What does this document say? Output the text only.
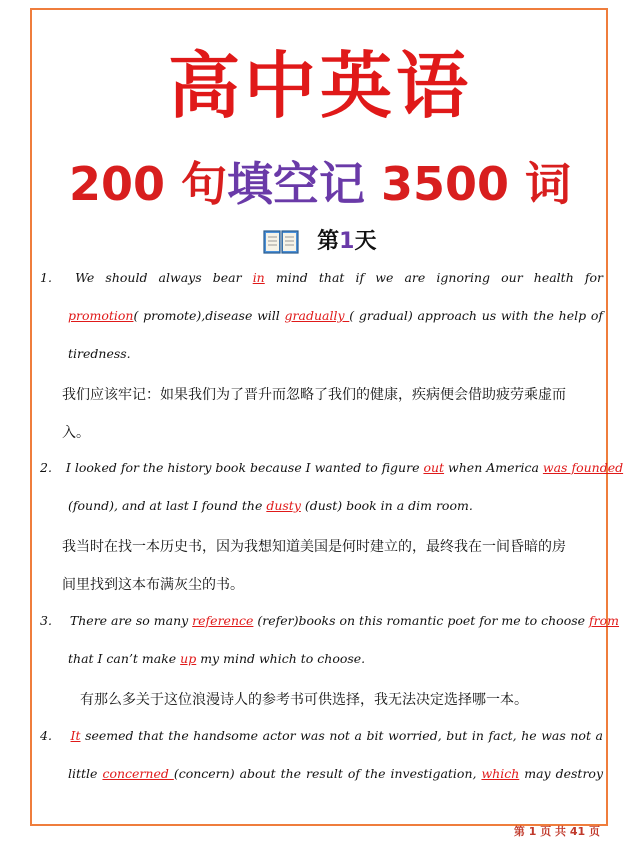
高中英语
200 句填空记 3500 词
第1天
1. We should always bear in mind that if we are ignoring our health for
promotion( promote),disease will gradually ( gradual) approach us with the help of
tiredness.
我们应该牢记：如果我们为了晋升而忽略了我们的健康，疾病便会借助疲劳乘虚而
入。
2. I looked for the history book because I wanted to figure out when America was founded
(found), and at last I found the dusty (dust) book in a dim room.
我当时在找一本历史书，因为我想知道美国是何时建立的，最终我在一间昏暗的房
间里找到这本布满灰尘的书。
3. There are so many reference (refer)books on this romantic poet for me to choose from
that I can’t make up my mind which to choose.
有那么多关于这位浪漫诗人的参考书可供选择，我无法决定选择哪一本。
4. It seemed that the handsome actor was not a bit worried, but in fact, he was not a
little concerned (concern) about the result of the investigation, which may destroy
第 1 页 共 41 页
